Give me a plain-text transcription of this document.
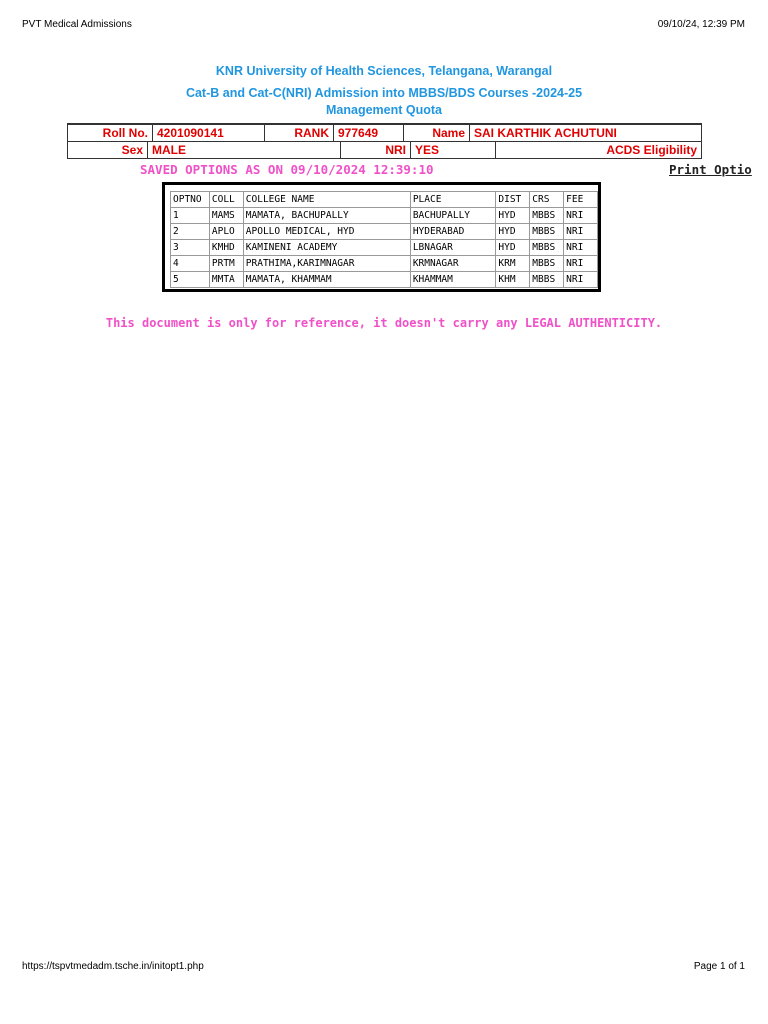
PVT Medical Admissions	09/10/24, 12:39 PM
KNR University of Health Sciences, Telangana, Warangal
Cat-B and Cat-C(NRI) Admission into MBBS/BDS Courses -2024-25
Management Quota
Roll No.	4201090141	RANK	977649	Name	SAI KARTHIK ACHUTUNI
Sex	MALE	NRI	YES	ACDS Eligibility
SAVED OPTIONS AS ON 09/10/2024 12:39:10	Print Optio
OPTNO	COLL	COLLEGE NAME	PLACE	DIST	CRS	FEE
1	MAMS	MAMATA, BACHUPALLY	BACHUPALLY	HYD	MBBS	NRI
2	APLO	APOLLO MEDICAL, HYD	HYDERABAD	HYD	MBBS	NRI
3	KMHD	KAMINENI ACADEMY	LBNAGAR	HYD	MBBS	NRI
4	PRTM	PRATHIMA,KARIMNAGAR	KRMNAGAR	KRM	MBBS	NRI
5	MMTA	MAMATA, KHAMMAM	KHAMMAM	KHM	MBBS	NRI
This document is only for reference, it doesn't carry any LEGAL AUTHENTICITY.
https://tspvtmedadm.tsche.in/initopt1.php	Page 1 of 1
